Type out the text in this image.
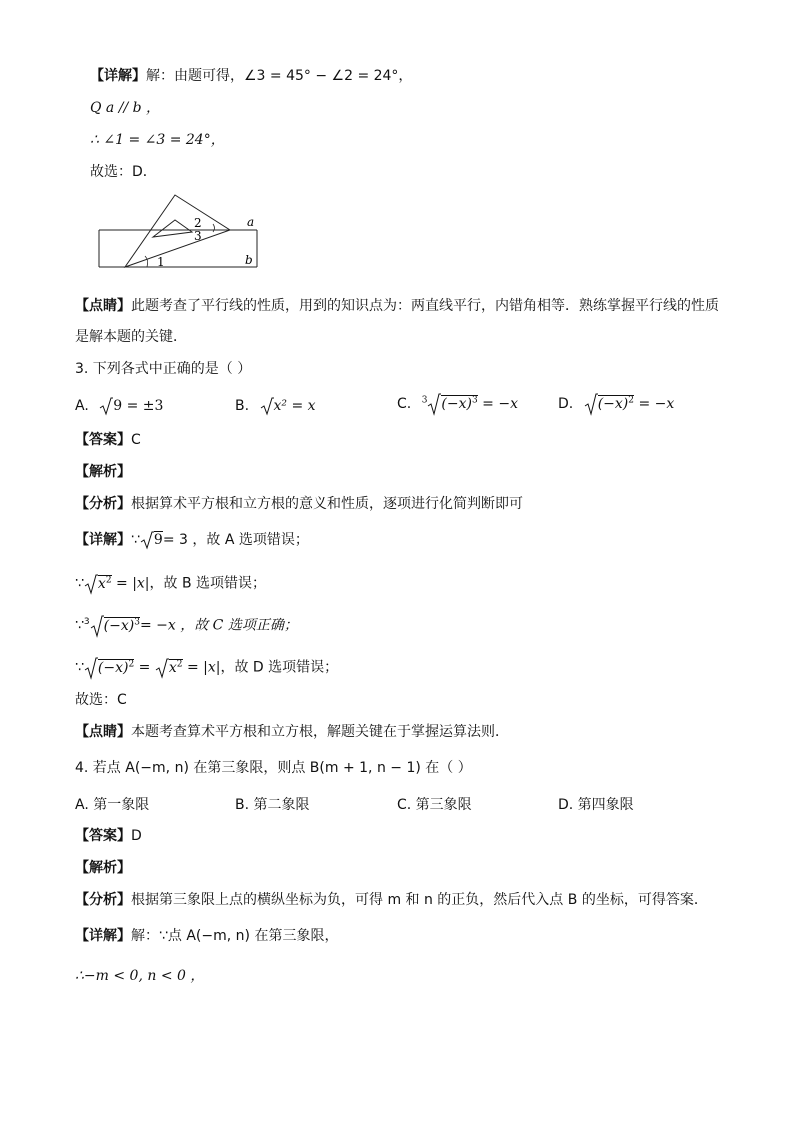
【详解】解：由题可得，∠3 = 45° − ∠2 = 24°，
Q a // b ，
∴ ∠1 = ∠3 = 24°，
故选：D．
a
b
1
2
3
【点睛】此题考查了平行线的性质，用到的知识点为：两直线平行，内错角相等．熟练掌握平行线的性质
是解本题的关键．
3. 下列各式中正确的是（ ）
A. 9 = ±3	B. x² = x	C. $^3$ $(-x)^3 = -x$	D. $(-x)^2 = -x$
【答案】C
【解析】
【分析】根据算术平方根和立方根的意义和性质，逐项进行化简判断即可
【详解】∵ 9= 3 ，故 A 选项错误；
∵ $x^2 = |x|$，故 B 选项错误；
∵$^3$ $(-x)^3= -x$ ，故 C 选项正确；
∵ $(-x)^2 = x^2 = |x|$，故 D 选项错误；
故选：C
【点睛】本题考查算术平方根和立方根，解题关键在于掌握运算法则．
4. 若点 A(−m, n) 在第三象限，则点 B(m + 1, n − 1) 在（ ）
A. 第一象限	B. 第二象限	C. 第三象限	D. 第四象限
【答案】D
【解析】
【分析】根据第三象限上点的横纵坐标为负，可得 m 和 n 的正负，然后代入点 B 的坐标，可得答案．
【详解】解：∵点 A(−m, n) 在第三象限，
∴−m < 0, n < 0 ，
